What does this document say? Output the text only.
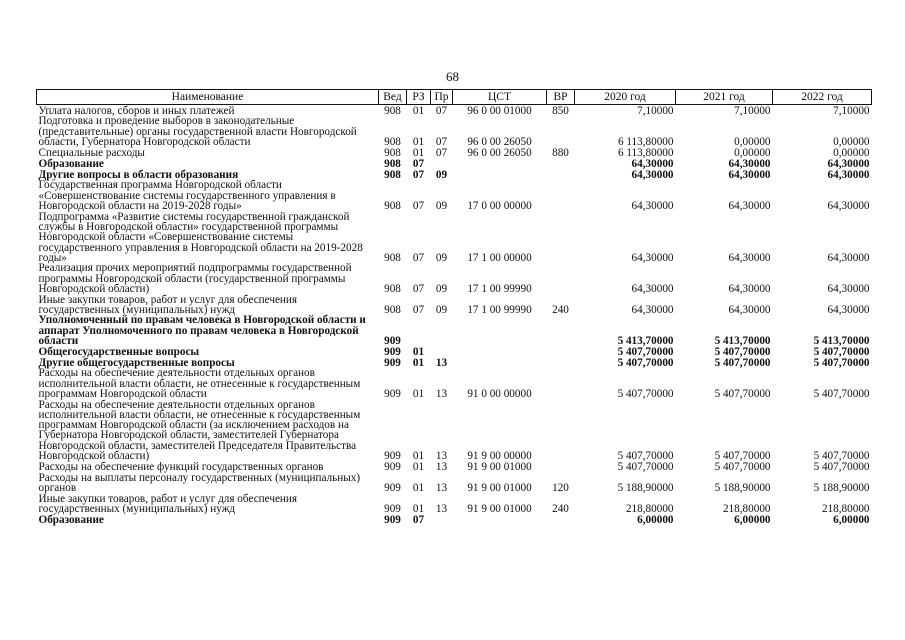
68
Наименование	Вед	РЗ	Пр	ЦСТ	ВР	2020 год	2021 год	2022 год
Уплата налогов, сборов и иных платежей	908	01	07	96 0 00 01000	850	7,10000	7,10000	7,10000
Подготовка и проведение выборов в законодательные (представительные) органы государственной власти Новгородской области, Губернатора Новгородской области	908	01	07	96 0 00 26050		6 113,80000	0,00000	0,00000
Специальные расходы	908	01	07	96 0 00 26050	880	6 113,80000	0,00000	0,00000
Образование	908	07				64,30000	64,30000	64,30000
Другие вопросы в области образования	908	07	09			64,30000	64,30000	64,30000
Государственная программа Новгородской области «Совершенствование системы государственного управления в Новгородской области на 2019-2028 годы»	908	07	09	17 0 00 00000		64,30000	64,30000	64,30000
Подпрограмма «Развитие системы государственной гражданской службы в Новгородской области» государственной программы Новгородской области «Совершенствование системы государственного управления в Новгородской области на 2019-2028 годы»	908	07	09	17 1 00 00000		64,30000	64,30000	64,30000
Реализация прочих мероприятий подпрограммы государственной программы Новгородской области (государственной программы Новгородской области)	908	07	09	17 1 00 99990		64,30000	64,30000	64,30000
Иные закупки товаров, работ и услуг для обеспечения государственных (муниципальных) нужд	908	07	09	17 1 00 99990	240	64,30000	64,30000	64,30000
Уполномоченный по правам человека в Новгородской области и аппарат Уполномоченного по правам человека в Новгородской области	909					5 413,70000	5 413,70000	5 413,70000
Общегосударственные вопросы	909	01				5 407,70000	5 407,70000	5 407,70000
Другие общегосударственные вопросы	909	01	13			5 407,70000	5 407,70000	5 407,70000
Расходы на обеспечение деятельности отдельных органов исполнительной власти области, не отнесенные к государственным программам Новгородской области	909	01	13	91 0 00 00000		5 407,70000	5 407,70000	5 407,70000
Расходы на обеспечение деятельности отдельных органов исполнительной власти области, не отнесенные к государственным программам Новгородской области (за исключением расходов на Губернатора Новгородской области, заместителей Губернатора Новгородской области, заместителей Председателя Правительства Новгородской области)	909	01	13	91 9 00 00000		5 407,70000	5 407,70000	5 407,70000
Расходы на обеспечение функций государственных органов	909	01	13	91 9 00 01000		5 407,70000	5 407,70000	5 407,70000
Расходы на выплаты персоналу государственных (муниципальных) органов	909	01	13	91 9 00 01000	120	5 188,90000	5 188,90000	5 188,90000
Иные закупки товаров, работ и услуг для обеспечения государственных (муниципальных) нужд	909	01	13	91 9 00 01000	240	218,80000	218,80000	218,80000
Образование	909	07				6,00000	6,00000	6,00000
